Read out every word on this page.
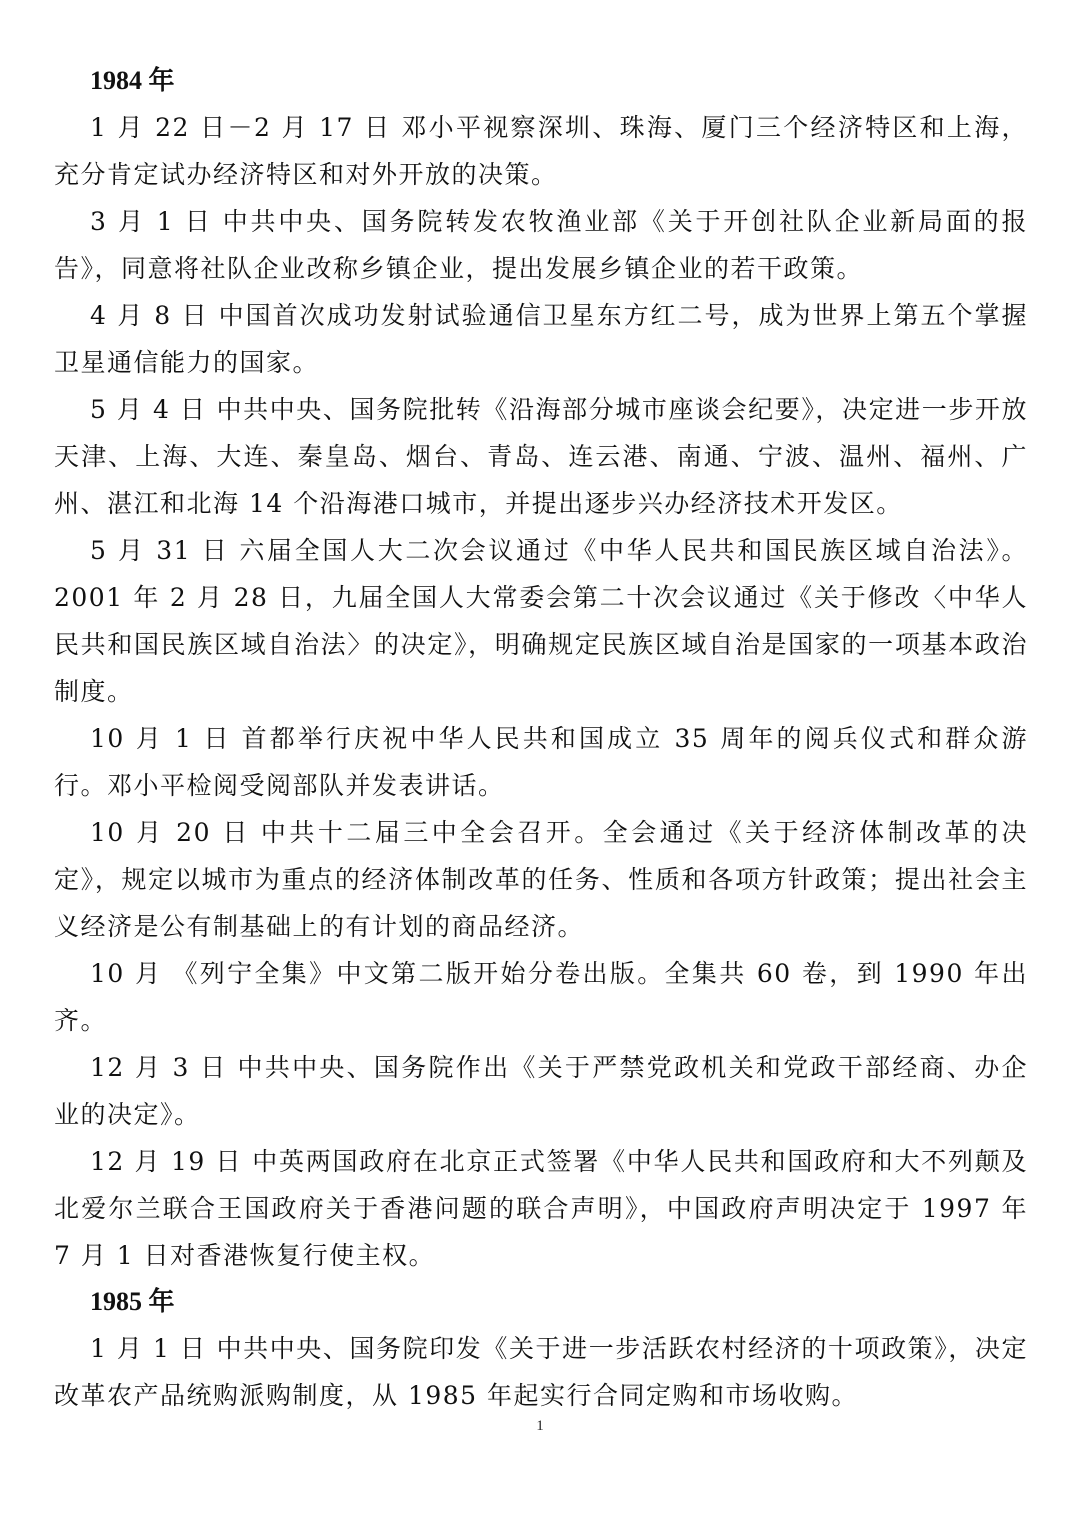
1984 年

1 月 22 日－2 月 17 日 邓小平视察深圳、珠海、厦门三个经济特区和上海，充分肯定试办经济特区和对外开放的决策。

3 月 1 日 中共中央、国务院转发农牧渔业部《关于开创社队企业新局面的报告》，同意将社队企业改称乡镇企业，提出发展乡镇企业的若干政策。

4 月 8 日 中国首次成功发射试验通信卫星东方红二号，成为世界上第五个掌握卫星通信能力的国家。

5 月 4 日 中共中央、国务院批转《沿海部分城市座谈会纪要》，决定进一步开放天津、上海、大连、秦皇岛、烟台、青岛、连云港、南通、宁波、温州、福州、广州、湛江和北海 14 个沿海港口城市，并提出逐步兴办经济技术开发区。

5 月 31 日 六届全国人大二次会议通过《中华人民共和国民族区域自治法》。2001 年 2 月 28 日，九届全国人大常委会第二十次会议通过《关于修改〈中华人民共和国民族区域自治法〉的决定》，明确规定民族区域自治是国家的一项基本政治制度。

10 月 1 日 首都举行庆祝中华人民共和国成立 35 周年的阅兵仪式和群众游行。邓小平检阅受阅部队并发表讲话。

10 月 20 日 中共十二届三中全会召开。全会通过《关于经济体制改革的决定》，规定以城市为重点的经济体制改革的任务、性质和各项方针政策；提出社会主义经济是公有制基础上的有计划的商品经济。

10 月 《列宁全集》中文第二版开始分卷出版。全集共 60 卷，到 1990 年出齐。

12 月 3 日 中共中央、国务院作出《关于严禁党政机关和党政干部经商、办企业的决定》。

12 月 19 日 中英两国政府在北京正式签署《中华人民共和国政府和大不列颠及北爱尔兰联合王国政府关于香港问题的联合声明》，中国政府声明决定于 1997 年 7 月 1 日对香港恢复行使主权。

1985 年

1 月 1 日 中共中央、国务院印发《关于进一步活跃农村经济的十项政策》，决定改革农产品统购派购制度，从 1985 年起实行合同定购和市场收购。

1
